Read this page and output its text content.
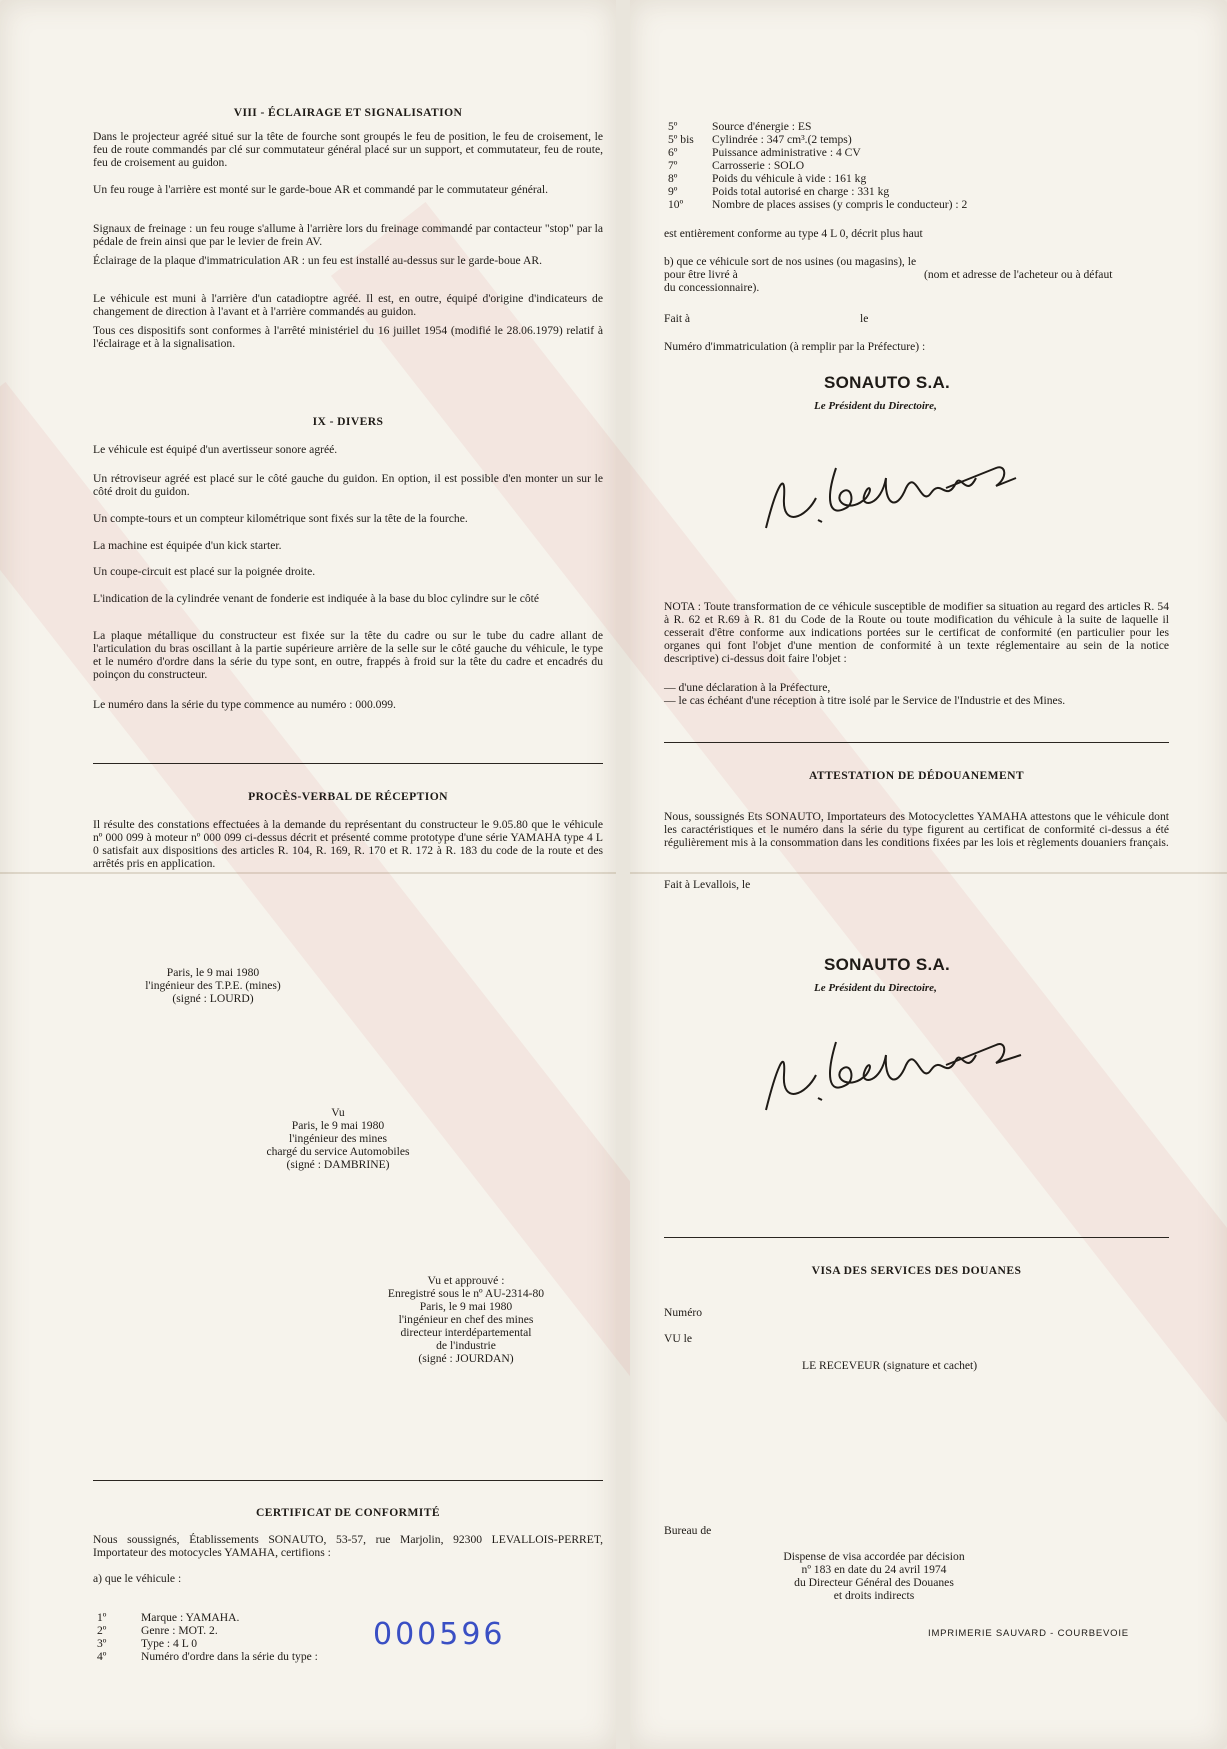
VIII - ÉCLAIRAGE ET SIGNALISATION
Dans le projecteur agréé situé sur la tête de fourche sont groupés le feu de position, le feu de croisement, le feu de route commandés par clé sur commutateur général placé sur un support, et commutateur, feu de route, feu de croisement au guidon.
Un feu rouge à l'arrière est monté sur le garde-boue AR et commandé par le commutateur général.
Signaux de freinage : un feu rouge s'allume à l'arrière lors du freinage commandé par contacteur "stop" par la pédale de frein ainsi que par le levier de frein AV.
Éclairage de la plaque d'immatriculation AR : un feu est installé au-dessus sur le garde-boue AR.
Le véhicule est muni à l'arrière d'un catadioptre agréé. Il est, en outre, équipé d'origine d'indicateurs de changement de direction à l'avant et à l'arrière commandés au guidon.
Tous ces dispositifs sont conformes à l'arrêté ministériel du 16 juillet 1954 (modifié le 28.06.1979) relatif à l'éclairage et à la signalisation.
IX - DIVERS
Le véhicule est équipé d'un avertisseur sonore agréé.
Un rétroviseur agréé est placé sur le côté gauche du guidon. En option, il est possible d'en monter un sur le côté droit du guidon.
Un compte-tours et un compteur kilométrique sont fixés sur la tête de la fourche.
La machine est équipée d'un kick starter.
Un coupe-circuit est placé sur la poignée droite.
L'indication de la cylindrée venant de fonderie est indiquée à la base du bloc cylindre sur le côté
La plaque métallique du constructeur est fixée sur la tête du cadre ou sur le tube du cadre allant de l'articulation du bras oscillant à la partie supérieure arrière de la selle sur le côté gauche du véhicule, le type et le numéro d'ordre dans la série du type sont, en outre, frappés à froid sur la tête du cadre et encadrés du poinçon du constructeur.
Le numéro dans la série du type commence au numéro : 000.099.
PROCÈS-VERBAL DE RÉCEPTION
Il résulte des constations effectuées à la demande du représentant du constructeur le 9.05.80 que le véhicule nº 000 099 à moteur nº 000 099 ci-dessus décrit et présenté comme prototype d'une série YAMAHA type 4 L 0 satisfait aux dispositions des articles R. 104, R. 169, R. 170 et R. 172 à R. 183 du code de la route et des arrêtés pris en application.
Paris, le 9 mai 1980
l'ingénieur des T.P.E. (mines)
(signé : LOURD)
Vu
Paris, le 9 mai 1980
l'ingénieur des mines
chargé du service Automobiles
(signé : DAMBRINE)
Vu et approuvé :
Enregistré sous le nº AU-2314-80
Paris, le 9 mai 1980
l'ingénieur en chef des mines
directeur interdépartemental
de l'industrie
(signé : JOURDAN)
CERTIFICAT DE CONFORMITÉ
Nous soussignés, Établissements SONAUTO, 53-57, rue Marjolin, 92300 LEVALLOIS-PERRET, Importateur des motocycles YAMAHA, certifions :
a) que le véhicule :
1º	Marque : YAMAHA.
2º	Genre : MOT. 2.
3º	Type : 4 L 0
4º	Numéro d'ordre dans la série du type :
000596
5º	Source d'énergie : ES
5º bis	Cylindrée : 347 cm³.(2 temps)
6º	Puissance administrative : 4 CV
7º	Carrosserie : SOLO
8º	Poids du véhicule à vide : 161 kg
9º	Poids total autorisé en charge : 331 kg
10º	Nombre de places assises (y compris le conducteur) : 2
est entièrement conforme au type 4 L 0, décrit plus haut
b) que ce véhicule sort de nos usines (ou magasins), le
pour être livré à	(nom et adresse de l'acheteur ou à défaut
du concessionnaire).
Fait à	le
Numéro d'immatriculation (à remplir par la Préfecture) :
SONAUTO S.A.
Le Président du Directoire,
NOTA : Toute transformation de ce véhicule susceptible de modifier sa situation au regard des articles R. 54 à R. 62 et R.69 à R. 81 du Code de la Route ou toute modification du véhicule à la suite de laquelle il cesserait d'être conforme aux indications portées sur le certificat de conformité (en particulier pour les organes qui font l'objet d'une mention de conformité à un texte réglementaire au sein de la notice descriptive) ci-dessus doit faire l'objet :
— d'une déclaration à la Préfecture,
— le cas échéant d'une réception à titre isolé par le Service de l'Industrie et des Mines.
ATTESTATION DE DÉDOUANEMENT
Nous, soussignés Ets SONAUTO, Importateurs des Motocyclettes YAMAHA attestons que le véhicule dont les caractéristiques et le numéro dans la série du type figurent au certificat de conformité ci-dessus a été régulièrement mis à la consommation dans les conditions fixées par les lois et règlements douaniers français.
Fait à Levallois, le
SONAUTO S.A.
Le Président du Directoire,
VISA DES SERVICES DES DOUANES
Numéro
VU le
LE RECEVEUR (signature et cachet)
Bureau de
Dispense de visa accordée par décision
nº 183 en date du 24 avril 1974
du Directeur Général des Douanes
et droits indirects
IMPRIMERIE SAUVARD - COURBEVOIE
